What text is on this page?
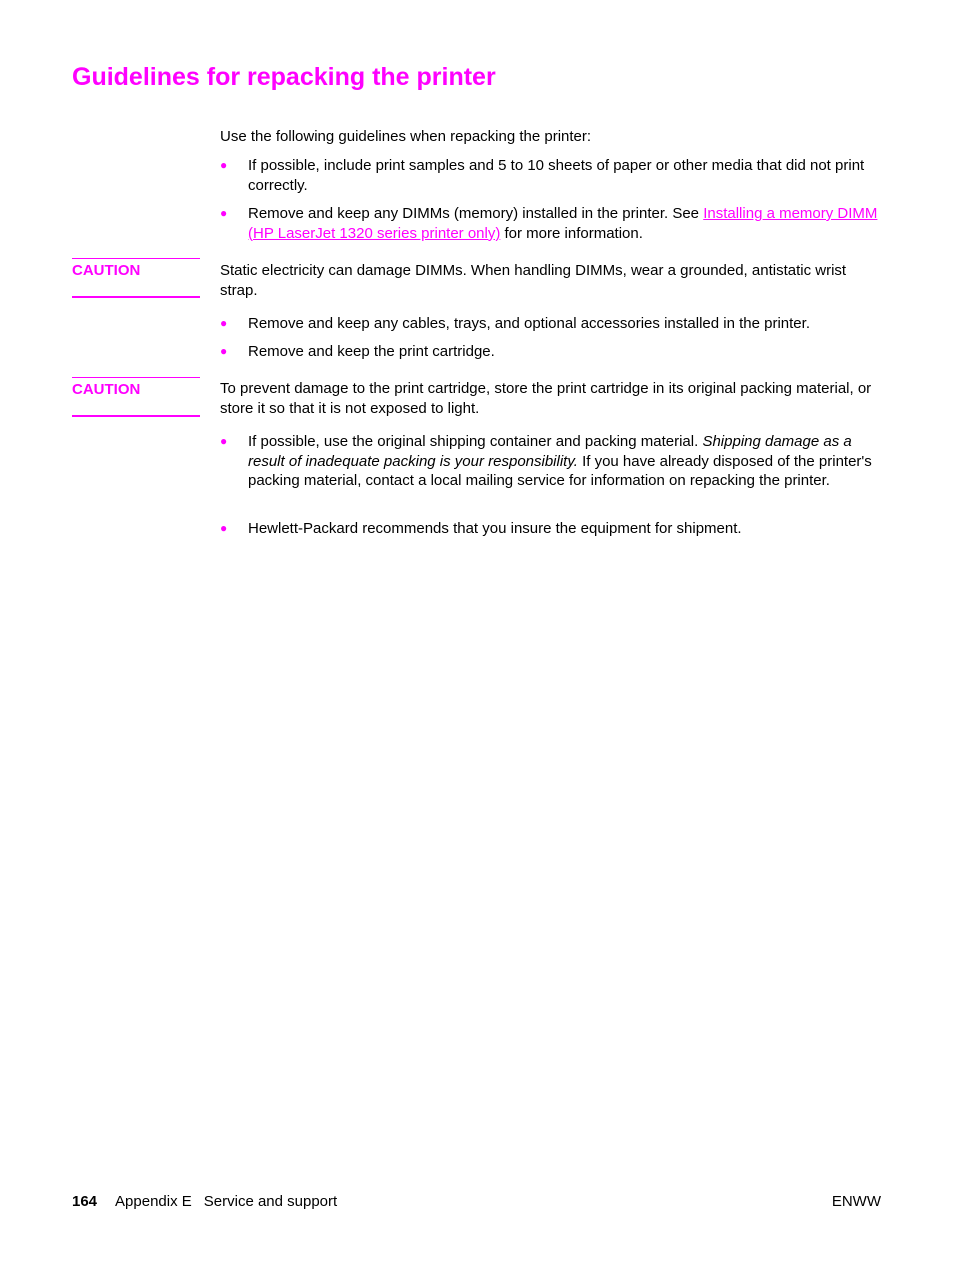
Guidelines for repacking the printer
Use the following guidelines when repacking the printer:
● If possible, include print samples and 5 to 10 sheets of paper or other media that did not print correctly.
● Remove and keep any DIMMs (memory) installed in the printer. See Installing a memory DIMM (HP LaserJet 1320 series printer only) for more information.
CAUTION	Static electricity can damage DIMMs. When handling DIMMs, wear a grounded, antistatic wrist strap.
● Remove and keep any cables, trays, and optional accessories installed in the printer.
● Remove and keep the print cartridge.
CAUTION	To prevent damage to the print cartridge, store the print cartridge in its original packing material, or store it so that it is not exposed to light.
● If possible, use the original shipping container and packing material. Shipping damage as a result of inadequate packing is your responsibility. If you have already disposed of the printer's packing material, contact a local mailing service for information on repacking the printer.
● Hewlett-Packard recommends that you insure the equipment for shipment.
164 Appendix E Service and support	ENWW
